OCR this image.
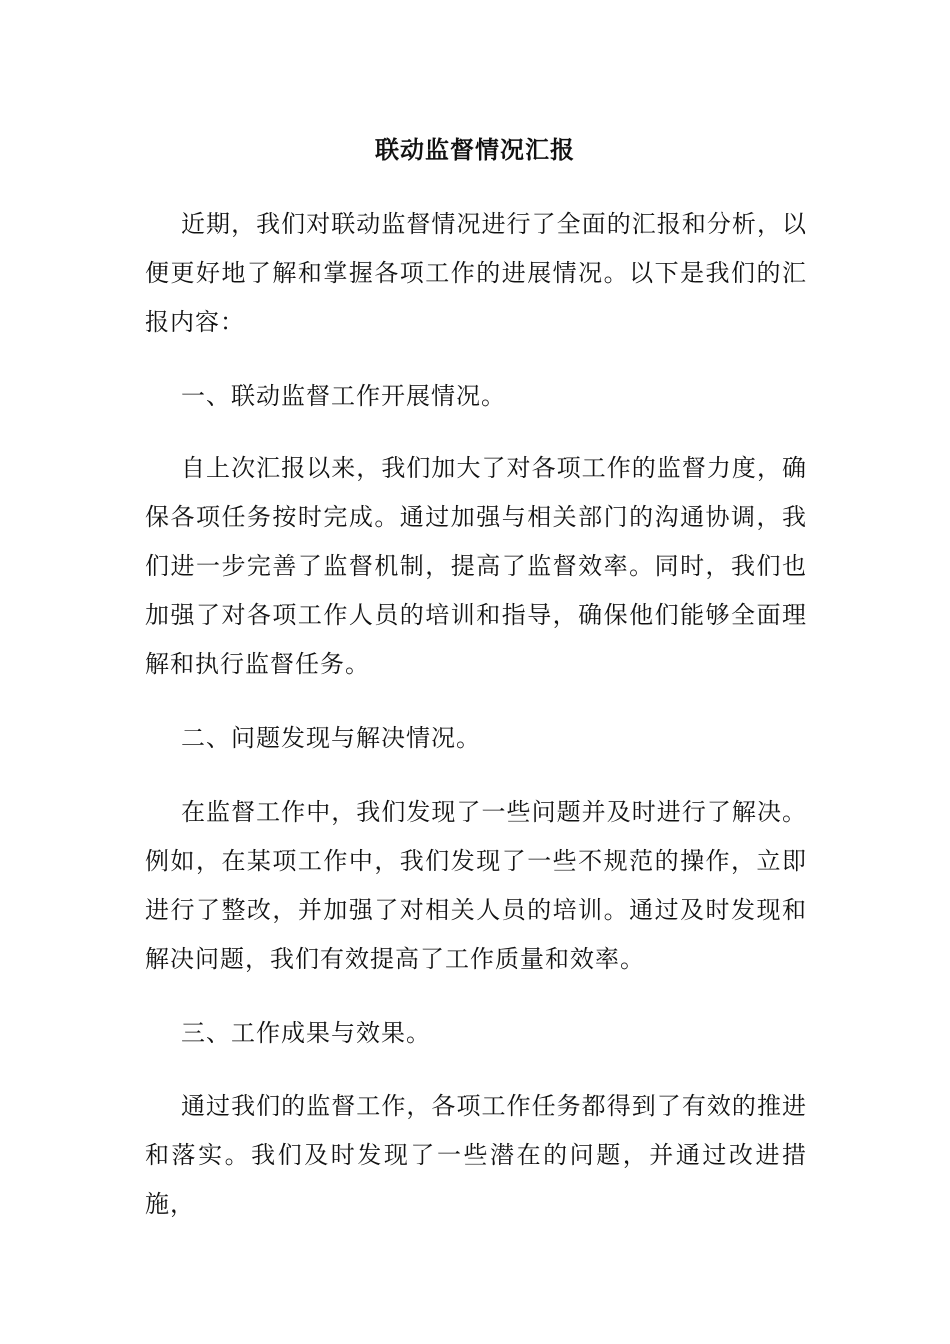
联动监督情况汇报

近期，我们对联动监督情况进行了全面的汇报和分析，以便更好地了解和掌握各项工作的进展情况。以下是我们的汇报内容：

一、联动监督工作开展情况。

自上次汇报以来，我们加大了对各项工作的监督力度，确保各项任务按时完成。通过加强与相关部门的沟通协调，我们进一步完善了监督机制，提高了监督效率。同时，我们也加强了对各项工作人员的培训和指导，确保他们能够全面理解和执行监督任务。

二、问题发现与解决情况。

在监督工作中，我们发现了一些问题并及时进行了解决。例如，在某项工作中，我们发现了一些不规范的操作，立即进行了整改，并加强了对相关人员的培训。通过及时发现和解决问题，我们有效提高了工作质量和效率。

三、工作成果与效果。

通过我们的监督工作，各项工作任务都得到了有效的推进和落实。我们及时发现了一些潜在的问题，并通过改进措施，
